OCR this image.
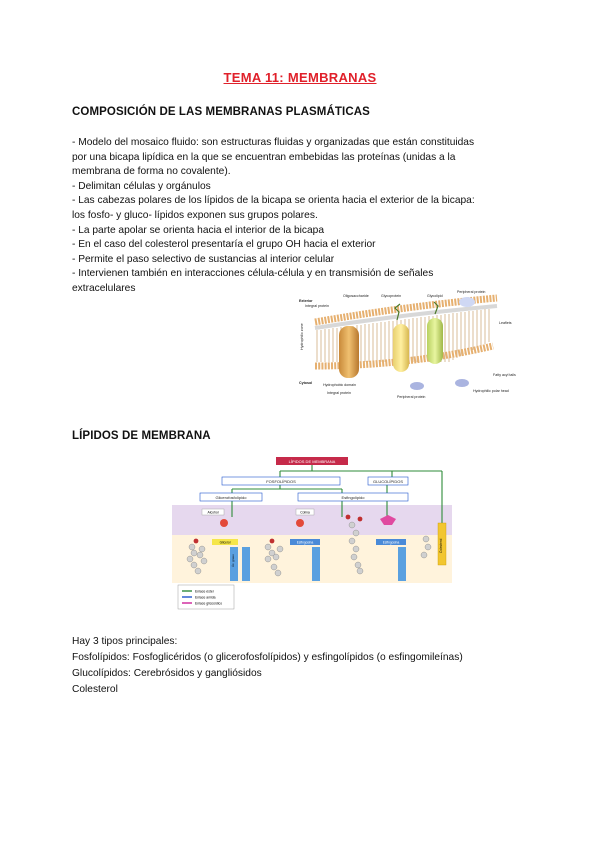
TEMA 11: MEMBRANAS
COMPOSICIÓN DE LAS MEMBRANAS PLASMÁTICAS
- Modelo del mosaico fluido: son estructuras fluidas y organizadas que están constituidas
por una bicapa lipídica en la que se encuentran embebidas las proteínas (unidas a la
membrana de forma no covalente).
- Delimitan células y orgánulos
- Las cabezas polares de los lípidos de la bicapa se orienta hacia el exterior de la bicapa:
los fosfo- y gluco- lípidos exponen sus grupos polares.
- La parte apolar se orienta hacia el interior de la bicapa
- En el caso del colesterol presentaría el grupo OH hacia el exterior
- Permite el paso selectivo de sustancias al interior celular
- Intervienen también en interacciones célula-célula y en transmisión de señales
extracelulares
Exterior
Integral protein
Oligosaccharide	Glycoprotein	Glycolipid
Peripheral protein
Leaflets
Hydrophilic zone
Cytosol	Hydrophobic domain
Integral protein
Peripheral protein
Fatty acyl tails
Hydrophilic polar head
LÍPIDOS DE MEMBRANA
LÍPIDOS DE MEMBRANA
FOSFOLÍPIDOS	GLUCOLÍPIDOS
Glicerofosfolípido	Esfingolípido
Alcohol	Colina
Glicerol	Esfingosina	Esfingosina
Ác. graso
Colesterol
Enlace éster
Enlace amida
Enlace glicosídico
Hay 3 tipos principales:
Fosfolípidos: Fosfoglicéridos (o glicerofosfolípidos) y esfingolípidos (o esfingomileínas)
Glucolípidos: Cerebrósidos y gangliósidos
Colesterol
